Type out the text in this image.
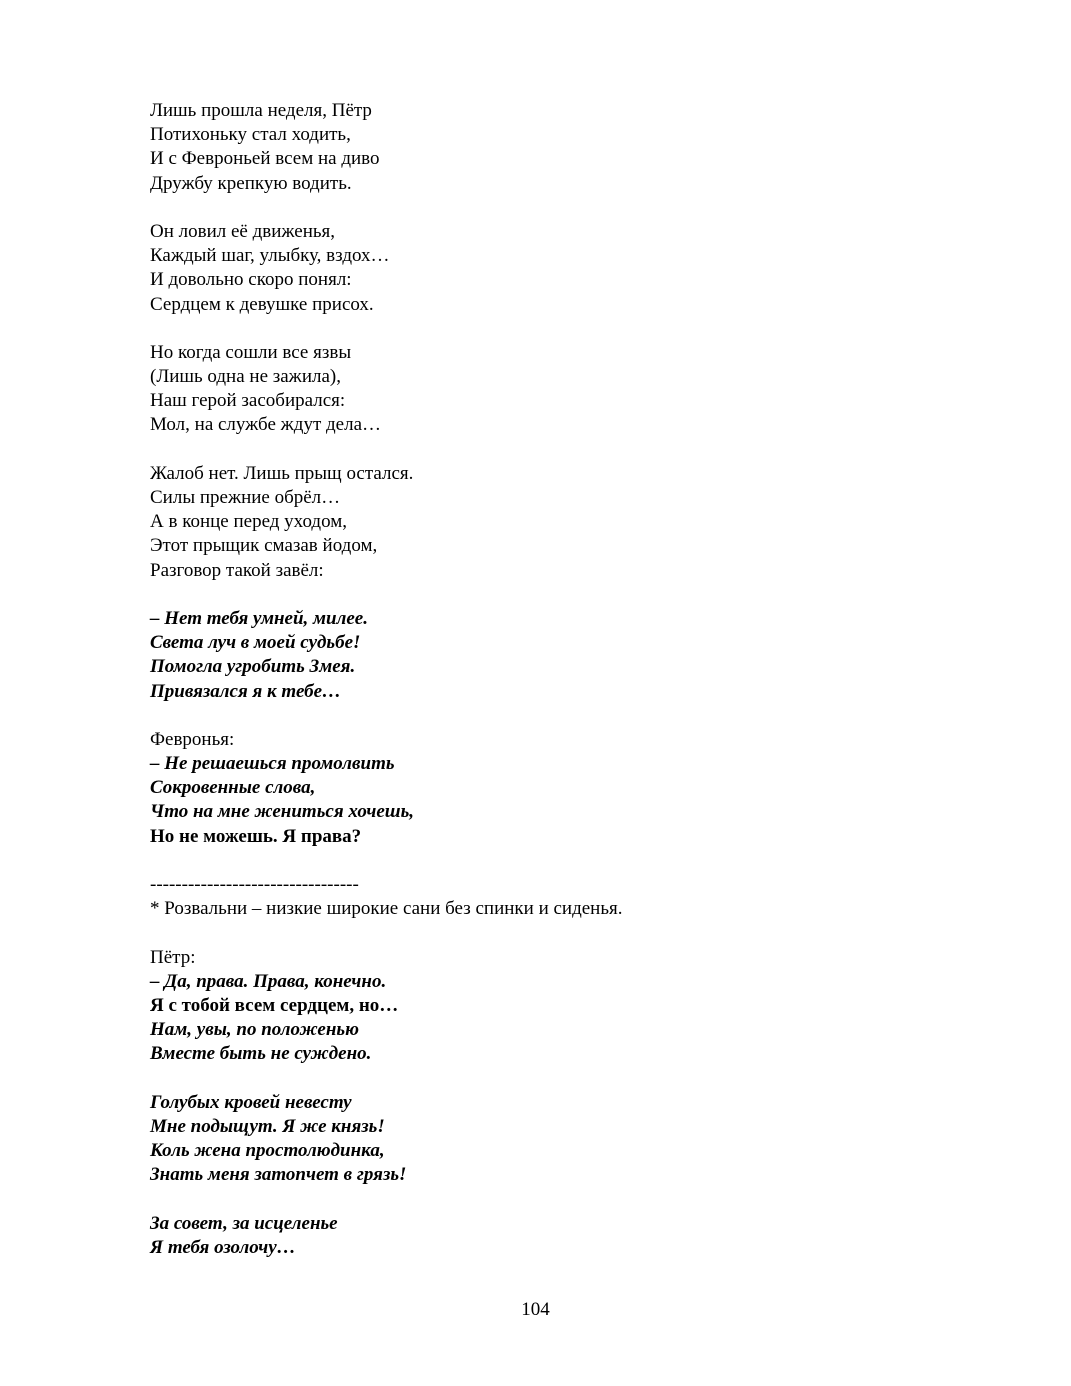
Лишь прошла неделя, Пётр
Потихоньку стал ходить,
И с Февроньей всем на диво
Дружбу крепкую водить.
Он ловил её движенья,
Каждый шаг, улыбку, вздох…
И довольно скоро понял:
Сердцем к девушке присох.
Но когда сошли все язвы
(Лишь одна не зажила),
Наш герой засобирался:
Мол, на службе ждут дела…
Жалоб нет. Лишь прыщ остался.
Силы прежние обрёл…
А в конце перед уходом,
Этот прыщик смазав йодом,
Разговор такой завёл:
– Нет тебя умней, милее.
Света луч в моей судьбе!
Помогла угробить Змея.
Привязался я к тебе…
Февронья:
– Не решаешься промолвить
Сокровенные слова,
Что на мне жениться хочешь,
Но не можешь. Я права?
---------------------------------
* Розвальни – низкие широкие сани без спинки и сиденья.
Пётр:
– Да, права. Права, конечно.
Я с тобой всем сердцем, но…
Нам, увы, по положенью
Вместе быть не суждено.
Голубых кровей невесту
Мне подыщут. Я же князь!
Коль жена простолюдинка,
Знать меня затопчет в грязь!
За совет, за исцеленье
Я тебя озолочу…
104
